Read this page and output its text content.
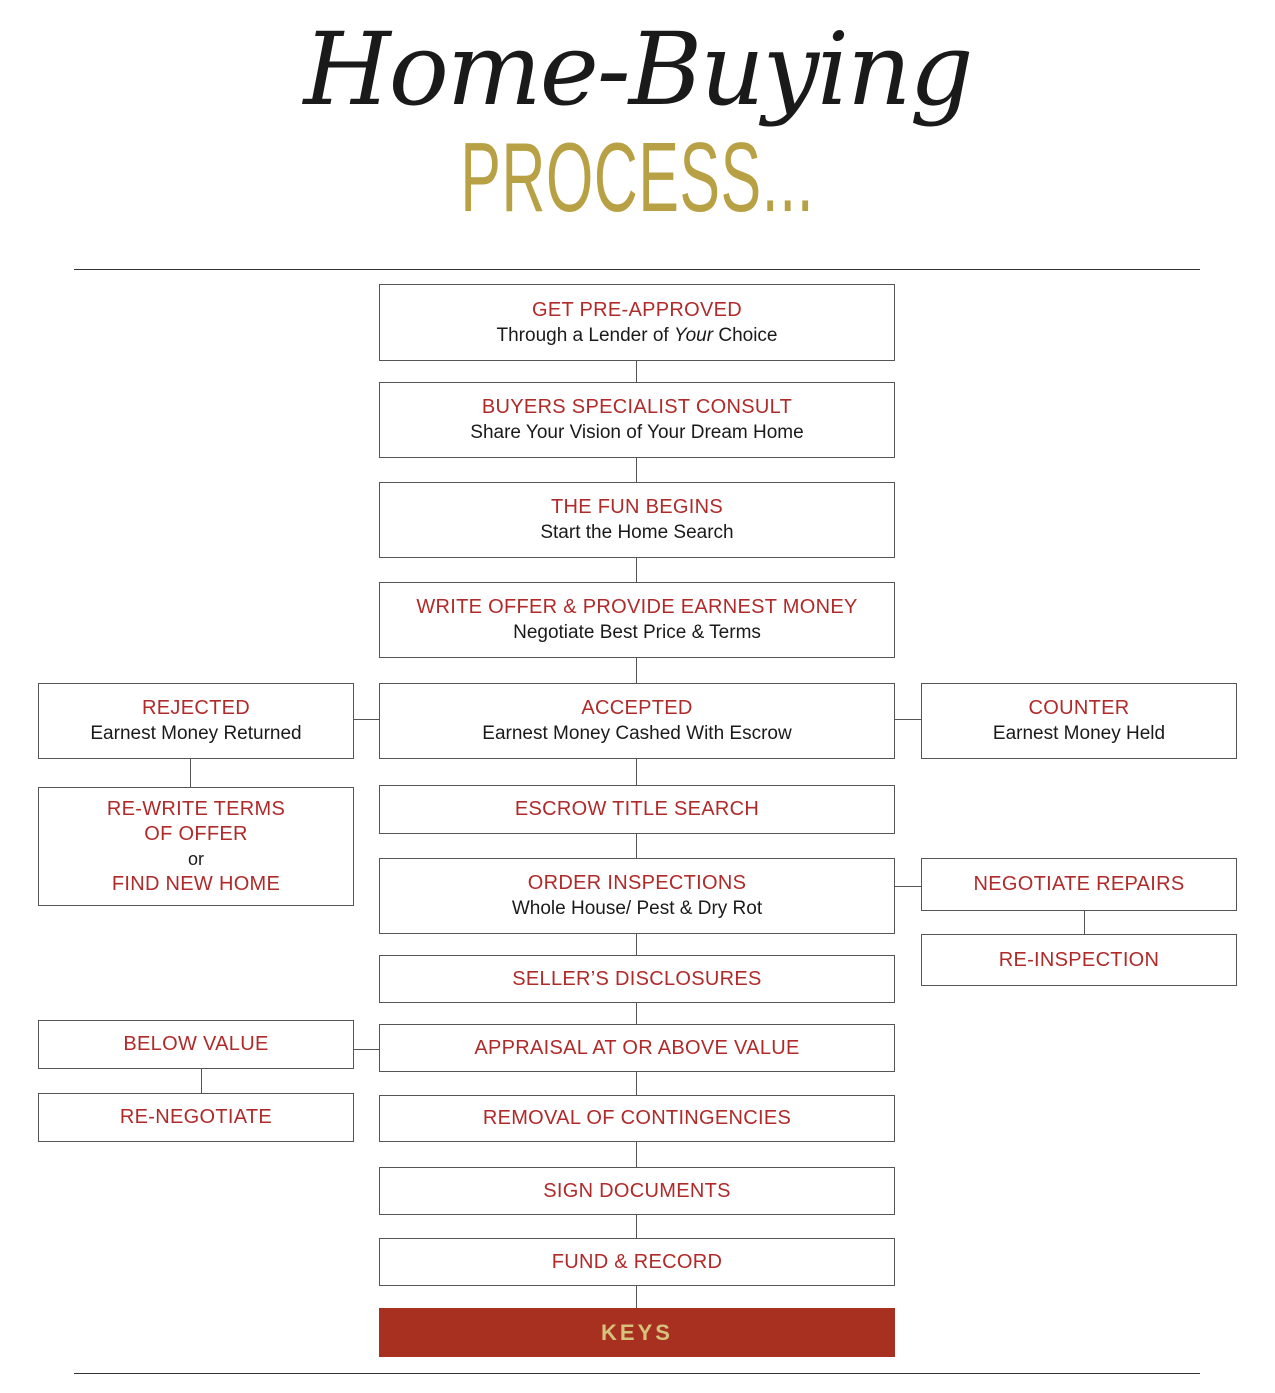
Home-Buying
PROCESS...
GET PRE-APPROVED
Through a Lender of Your Choice
BUYERS SPECIALIST CONSULT
Share Your Vision of Your Dream Home
THE FUN BEGINS
Start the Home Search
WRITE OFFER & PROVIDE EARNEST MONEY
Negotiate Best Price & Terms
ACCEPTED
Earnest Money Cashed With Escrow
ESCROW TITLE SEARCH
ORDER INSPECTIONS
Whole House/ Pest & Dry Rot
SELLER’S DISCLOSURES
APPRAISAL AT OR ABOVE VALUE
REMOVAL OF CONTINGENCIES
SIGN DOCUMENTS
FUND & RECORD
KEYS
REJECTED
Earnest Money Returned
RE-WRITE TERMS
OF OFFER
or
FIND NEW HOME
BELOW VALUE
RE-NEGOTIATE
COUNTER
Earnest Money Held
NEGOTIATE REPAIRS
RE-INSPECTION
